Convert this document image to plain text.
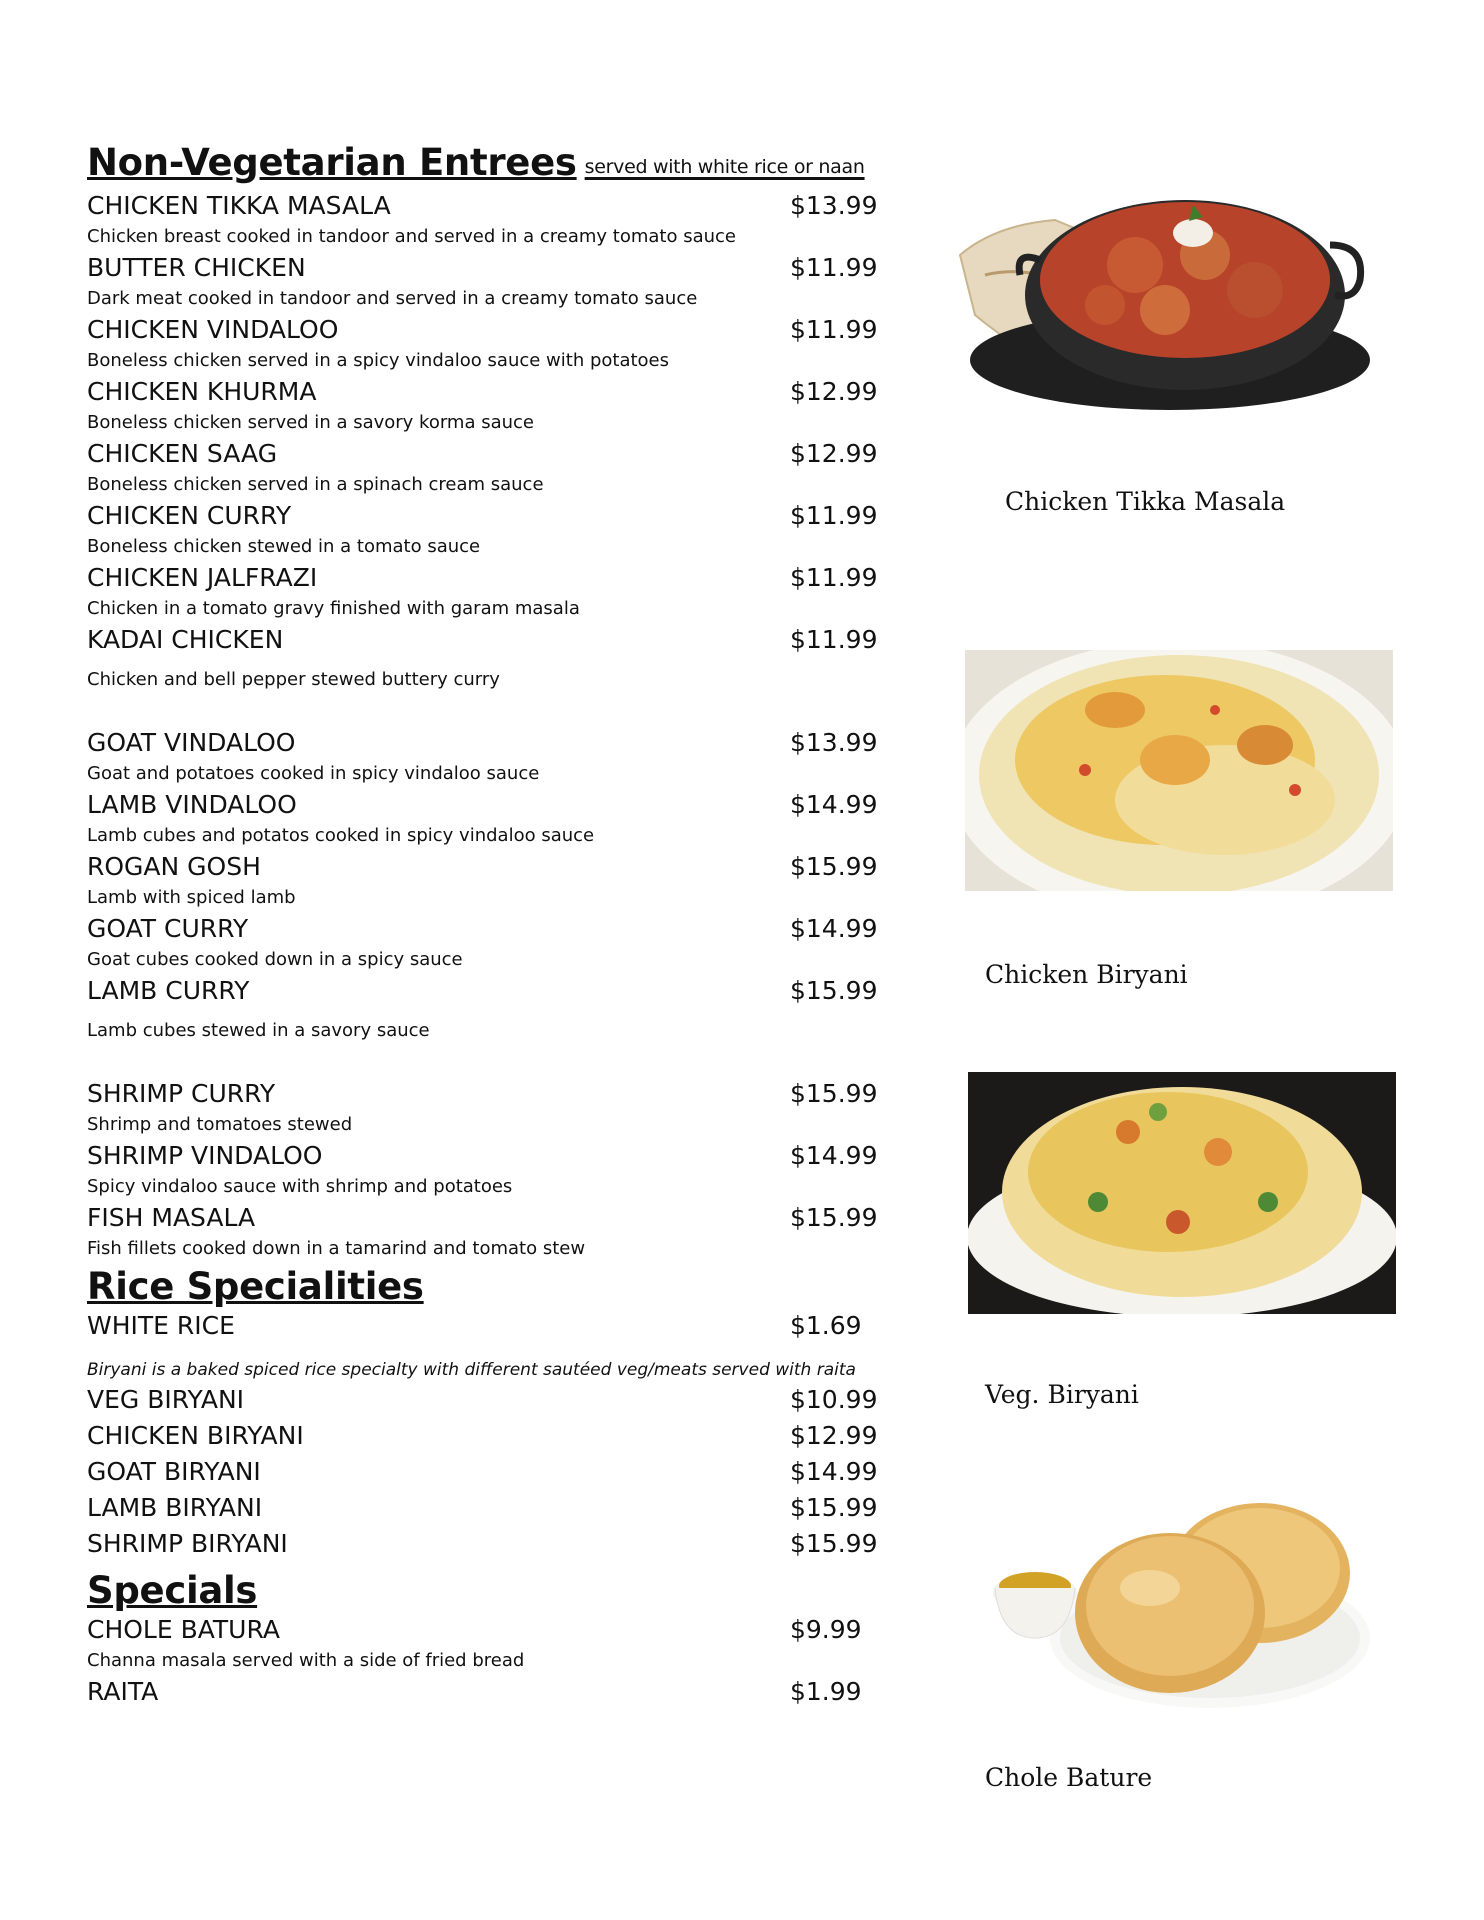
Non-Vegetarian Entrees served with white rice or naan
CHICKEN TIKKA MASALA	$13.99
Chicken breast cooked in tandoor and served in a creamy tomato sauce
BUTTER CHICKEN	$11.99
Dark meat cooked in tandoor and served in a creamy tomato sauce
CHICKEN VINDALOO	$11.99
Boneless chicken served in a spicy vindaloo sauce with potatoes
CHICKEN KHURMA	$12.99
Boneless chicken served in a savory korma sauce
CHICKEN SAAG	$12.99
Boneless chicken served in a spinach cream sauce
CHICKEN CURRY	$11.99
Boneless chicken stewed in a tomato sauce
CHICKEN JALFRAZI	$11.99
Chicken in a tomato gravy finished with garam masala
KADAI CHICKEN	$11.99
Chicken and bell pepper stewed buttery curry
GOAT VINDALOO	$13.99
Goat and potatoes cooked in spicy vindaloo sauce
LAMB VINDALOO	$14.99
Lamb cubes and potatos cooked in spicy vindaloo sauce
ROGAN GOSH	$15.99
Lamb with spiced lamb
GOAT CURRY	$14.99
Goat cubes cooked down in a spicy sauce
LAMB CURRY	$15.99
Lamb cubes stewed in a savory sauce
SHRIMP CURRY	$15.99
Shrimp and tomatoes stewed
SHRIMP VINDALOO	$14.99
Spicy vindaloo sauce with shrimp and potatoes
FISH MASALA	$15.99
Fish fillets cooked down in a tamarind and tomato stew
Rice Specialities
WHITE RICE	$1.69
Biryani is a baked spiced rice specialty with different sautéed veg/meats served with raita
VEG BIRYANI	$10.99
CHICKEN BIRYANI	$12.99
GOAT BIRYANI	$14.99
LAMB BIRYANI	$15.99
SHRIMP BIRYANI	$15.99
Specials
CHOLE BATURA	$9.99
Channa masala served with a side of fried bread
RAITA	$1.99
Chicken Tikka Masala
Chicken Biryani
Veg. Biryani
Chole Bature
